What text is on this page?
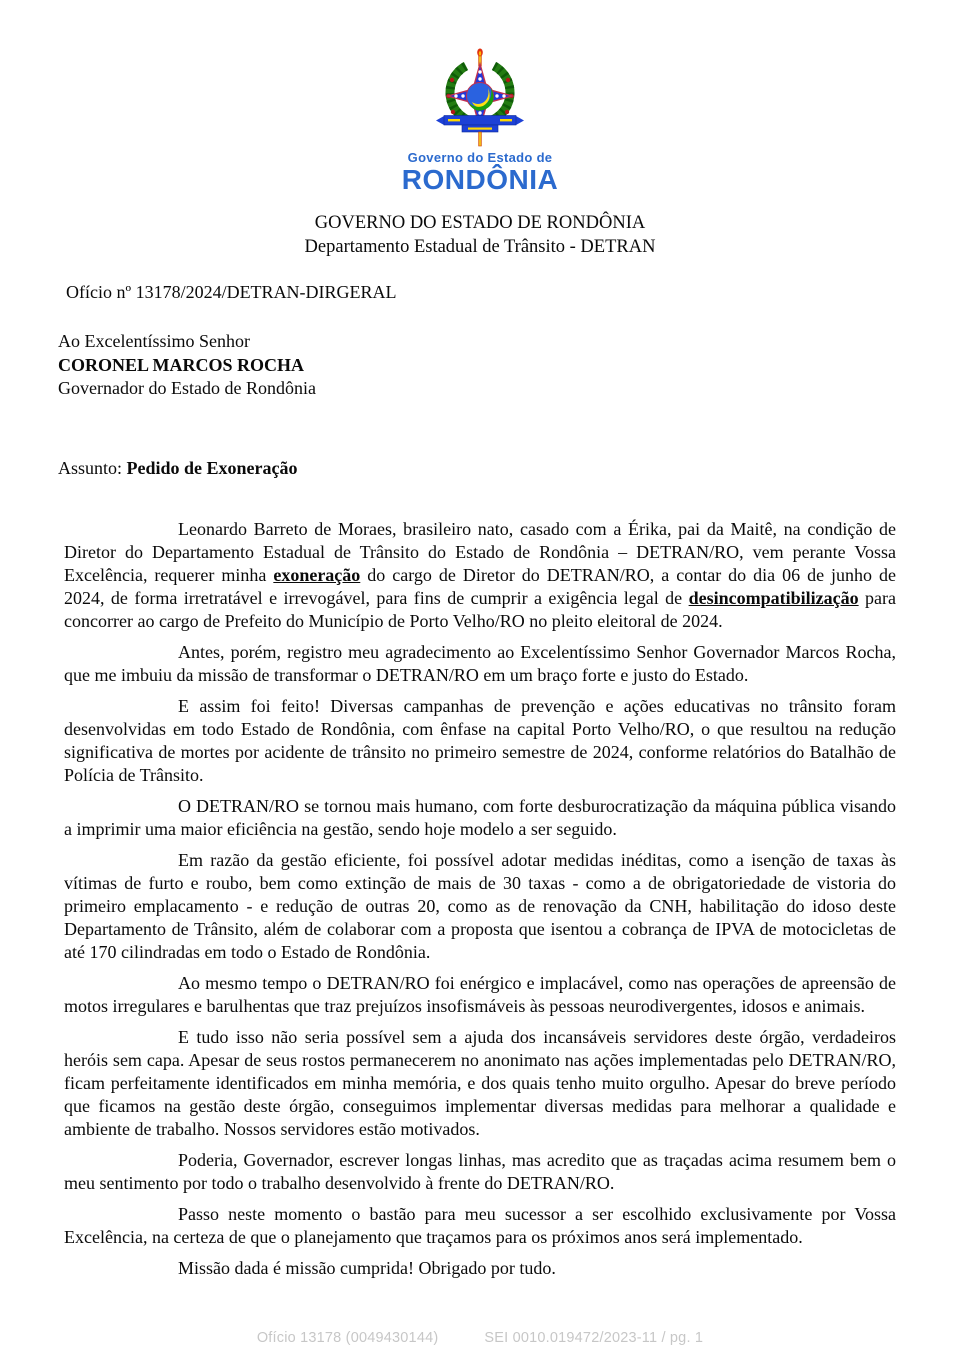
Governo do Estado de
RONDÔNIA
GOVERNO DO ESTADO DE RONDÔNIA
Departamento Estadual de Trânsito - DETRAN
Ofício nº 13178/2024/DETRAN-DIRGERAL
Ao Excelentíssimo Senhor
CORONEL MARCOS ROCHA
Governador do Estado de Rondônia
Assunto: Pedido de Exoneração

Leonardo Barreto de Moraes, brasileiro nato, casado com a Érika, pai da Maitê, na condição de Diretor do Departamento Estadual de Trânsito do Estado de Rondônia – DETRAN/RO, vem perante Vossa Excelência, requerer minha exoneração do cargo de Diretor do DETRAN/RO, a contar do dia 06 de junho de 2024, de forma irretratável e irrevogável, para fins de cumprir a exigência legal de desincompatibilização para concorrer ao cargo de Prefeito do Município de Porto Velho/RO no pleito eleitoral de 2024.

Antes, porém, registro meu agradecimento ao Excelentíssimo Senhor Governador Marcos Rocha, que me imbuiu da missão de transformar o DETRAN/RO em um braço forte e justo do Estado.

E assim foi feito! Diversas campanhas de prevenção e ações educativas no trânsito foram desenvolvidas em todo Estado de Rondônia, com ênfase na capital Porto Velho/RO, o que resultou na redução significativa de mortes por acidente de trânsito no primeiro semestre de 2024, conforme relatórios do Batalhão de Polícia de Trânsito.

O DETRAN/RO se tornou mais humano, com forte desburocratização da máquina pública visando a imprimir uma maior eficiência na gestão, sendo hoje modelo a ser seguido.

Em razão da gestão eficiente, foi possível adotar medidas inéditas, como a isenção de taxas às vítimas de furto e roubo, bem como extinção de mais de 30 taxas - como a de obrigatoriedade de vistoria do primeiro emplacamento - e redução de outras 20, como as de renovação da CNH, habilitação do idoso deste Departamento de Trânsito, além de colaborar com a proposta que isentou a cobrança de IPVA de motocicletas de até 170 cilindradas em todo o Estado de Rondônia.

Ao mesmo tempo o DETRAN/RO foi enérgico e implacável, como nas operações de apreensão de motos irregulares e barulhentas que traz prejuízos insofismáveis às pessoas neurodivergentes, idosos e animais.

E tudo isso não seria possível sem a ajuda dos incansáveis servidores deste órgão, verdadeiros heróis sem capa. Apesar de seus rostos permanecerem no anonimato nas ações implementadas pelo DETRAN/RO, ficam perfeitamente identificados em minha memória, e dos quais tenho muito orgulho. Apesar do breve período que ficamos na gestão deste órgão, conseguimos implementar diversas medidas para melhorar a qualidade e ambiente de trabalho. Nossos servidores estão motivados.

Poderia, Governador, escrever longas linhas, mas acredito que as traçadas acima resumem bem o meu sentimento por todo o trabalho desenvolvido à frente do DETRAN/RO.

Passo neste momento o bastão para meu sucessor a ser escolhido exclusivamente por Vossa Excelência, na certeza de que o planejamento que traçamos para os próximos anos será implementado.

Missão dada é missão cumprida! Obrigado por tudo.

Ofício 13178 (0049430144)	SEI 0010.019472/2023-11 / pg. 1
